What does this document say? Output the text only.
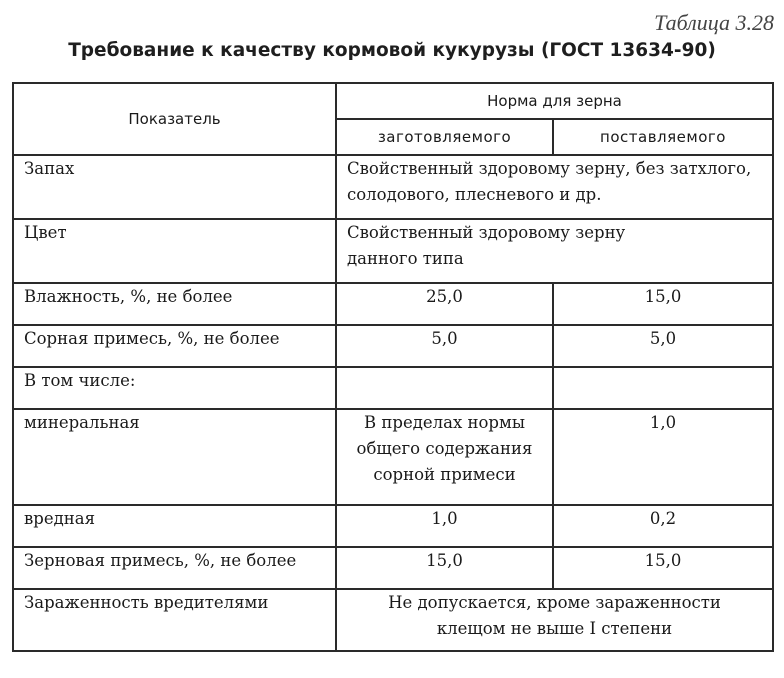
Таблица 3.28
Требование к качеству кормовой кукурузы (ГОСТ 13634-90)
Показатель	Норма для зерна	
	заготовляемого	поставляемого
Запах	Свойственный здоровому зерну, без затхлого, солодового, плесневого и др.	
Цвет	Свойственный здоровому зерну данного типа	
Влажность, %, не более	25,0	15,0
Сорная примесь, %, не более	5,0	5,0
В том числе:		
минеральная	В пределах нормы общего содержания сорной примеси	1,0
вредная	1,0	0,2
Зерновая примесь, %, не более	15,0	15,0
Зараженность вредителями	Не допускается, кроме зараженности клещом не выше I степени	
